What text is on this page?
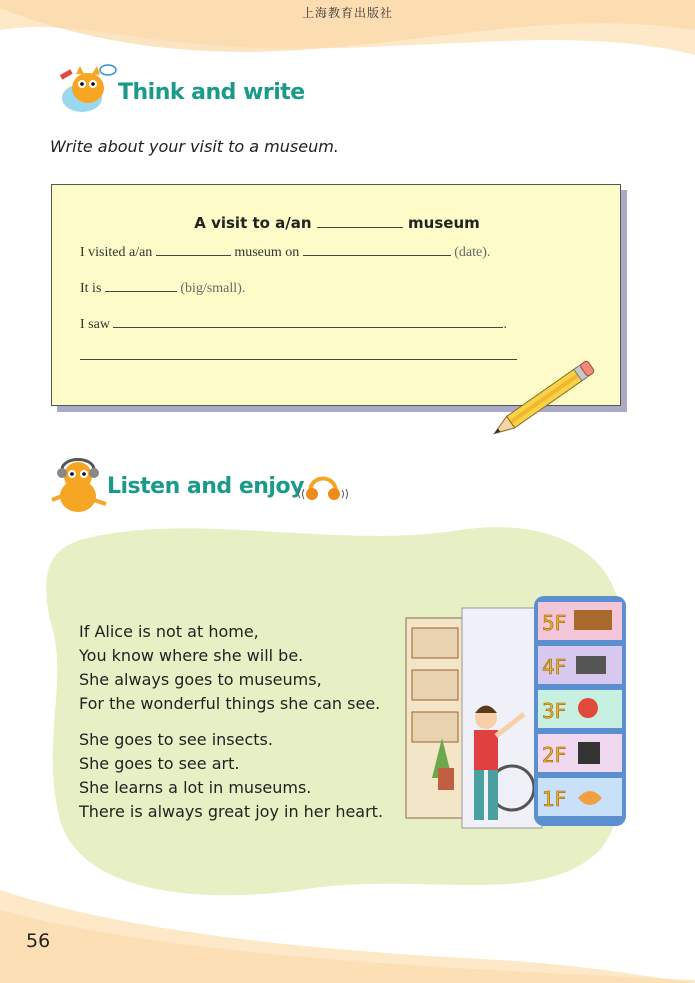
上海教育出版社
Think and write
Write about your visit to a museum.
A visit to a/an	museum
I visited a/an	museum on	(date).
It is	(big/small).
I saw	.
Listen and enjoy
If Alice is not at home,
You know where she will be.
She always goes to museums,
For the wonderful things she can see.
She goes to see insects.
She goes to see art.
She learns a lot in museums.
There is always great joy in her heart.
5F
4F
3F
2F
1F
56
